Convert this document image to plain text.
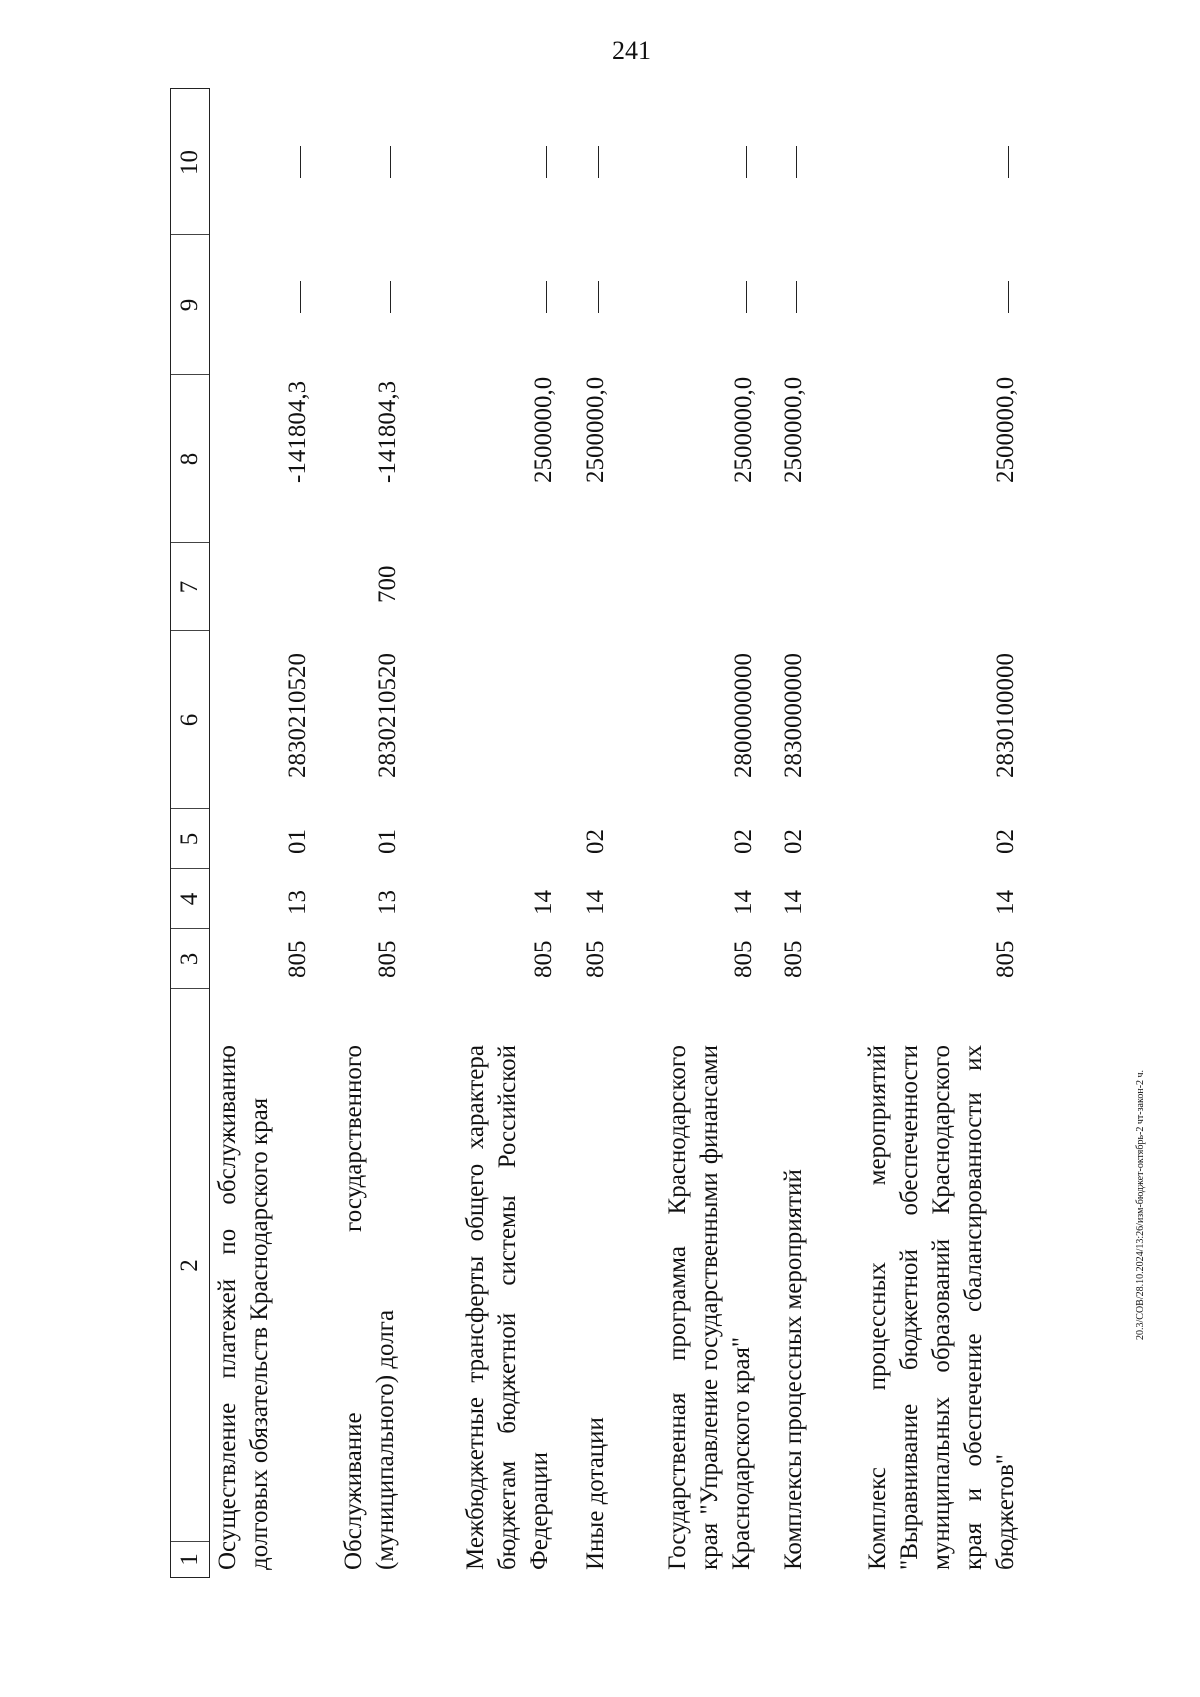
241
20.3/СОВ/28.10.2024/13:26/изм-бюджет-октябрь-2 чт-закон-2 ч.
1
2
3
4
5
6
7
8
9
10
Осуществление платежей по обслуживанию долговых обязательств Краснодарского края
805
13
01
2830210520
-141804,3
Обслуживание государственного (муниципального) долга
805
13
01
2830210520
700
-141804,3
Межбюджетные трансферты общего характера бюджетам бюджетной системы Российской Федерации
805
14
2500000,0
Иные дотации
805
14
02
2500000,0
Государственная программа Краснодарского края "Управление государственными финансами Краснодарского края"
805
14
02
2800000000
2500000,0
Комплексы процессных мероприятий
805
14
02
2830000000
2500000,0
Комплекс процессных мероприятий "Выравнивание бюджетной обеспеченности муниципальных образований Краснодарского края и обеспечение сбалансированности их бюджетов"
805
14
02
2830100000
2500000,0
